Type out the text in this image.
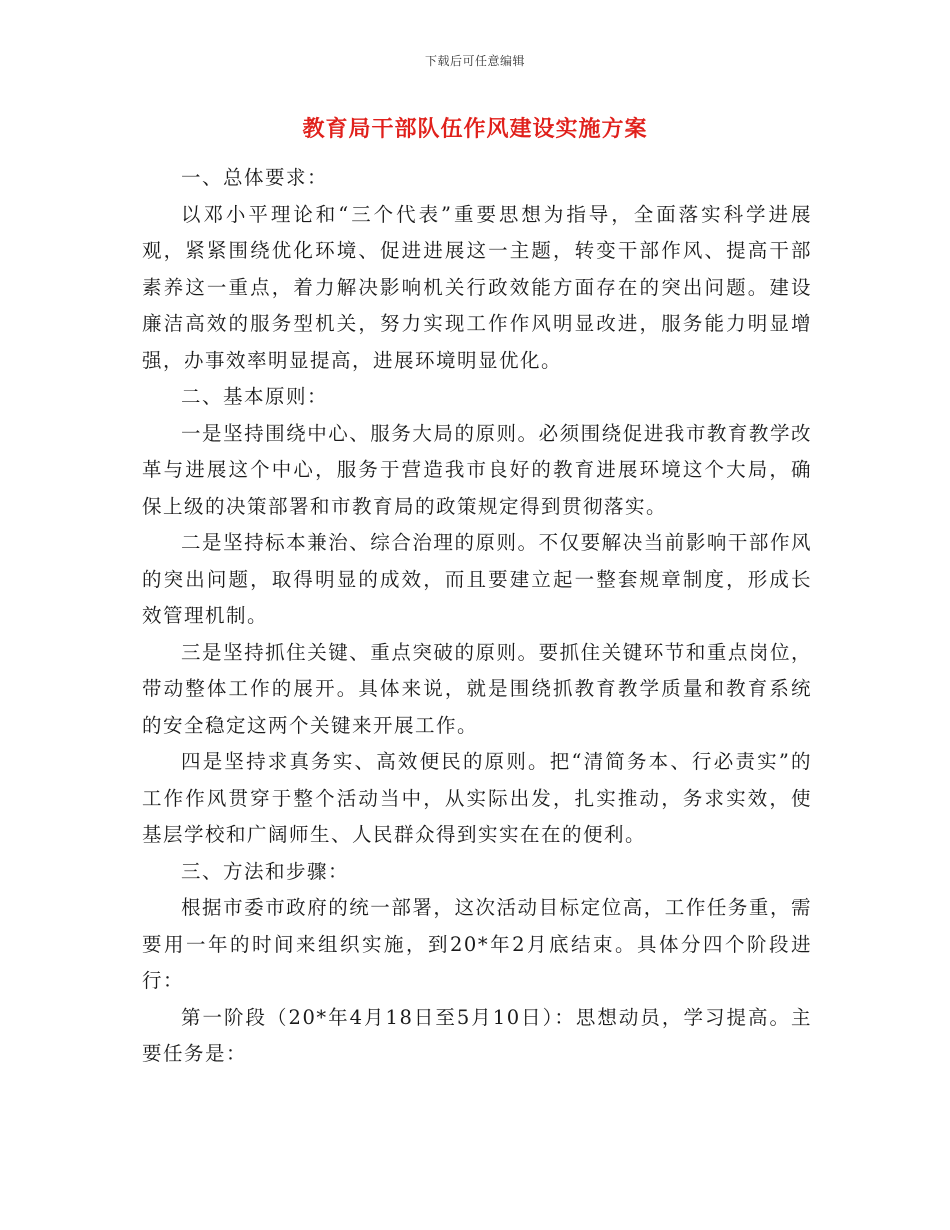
下载后可任意编辑
教育局干部队伍作风建设实施方案

一、总体要求：

以邓小平理论和“三个代表”重要思想为指导，全面落实科学进展观，紧紧围绕优化环境、促进进展这一主题，转变干部作风、提高干部素养这一重点，着力解决影响机关行政效能方面存在的突出问题。建设廉洁高效的服务型机关，努力实现工作作风明显改进，服务能力明显增强，办事效率明显提高，进展环境明显优化。

二、基本原则：

一是坚持围绕中心、服务大局的原则。必须围绕促进我市教育教学改革与进展这个中心，服务于营造我市良好的教育进展环境这个大局，确保上级的决策部署和市教育局的政策规定得到贯彻落实。

二是坚持标本兼治、综合治理的原则。不仅要解决当前影响干部作风的突出问题，取得明显的成效，而且要建立起一整套规章制度，形成长效管理机制。

三是坚持抓住关键、重点突破的原则。要抓住关键环节和重点岗位，带动整体工作的展开。具体来说，就是围绕抓教育教学质量和教育系统的安全稳定这两个关键来开展工作。

四是坚持求真务实、高效便民的原则。把“清简务本、行必责实”的工作作风贯穿于整个活动当中，从实际出发，扎实推动，务求实效，使基层学校和广阔师生、人民群众得到实实在在的便利。

三、方法和步骤：

根据市委市政府的统一部署，这次活动目标定位高，工作任务重，需要用一年的时间来组织实施，到20*年2月底结束。具体分四个阶段进行：

第一阶段（20*年4月18日至5月10日）：思想动员，学习提高。主要任务是：
